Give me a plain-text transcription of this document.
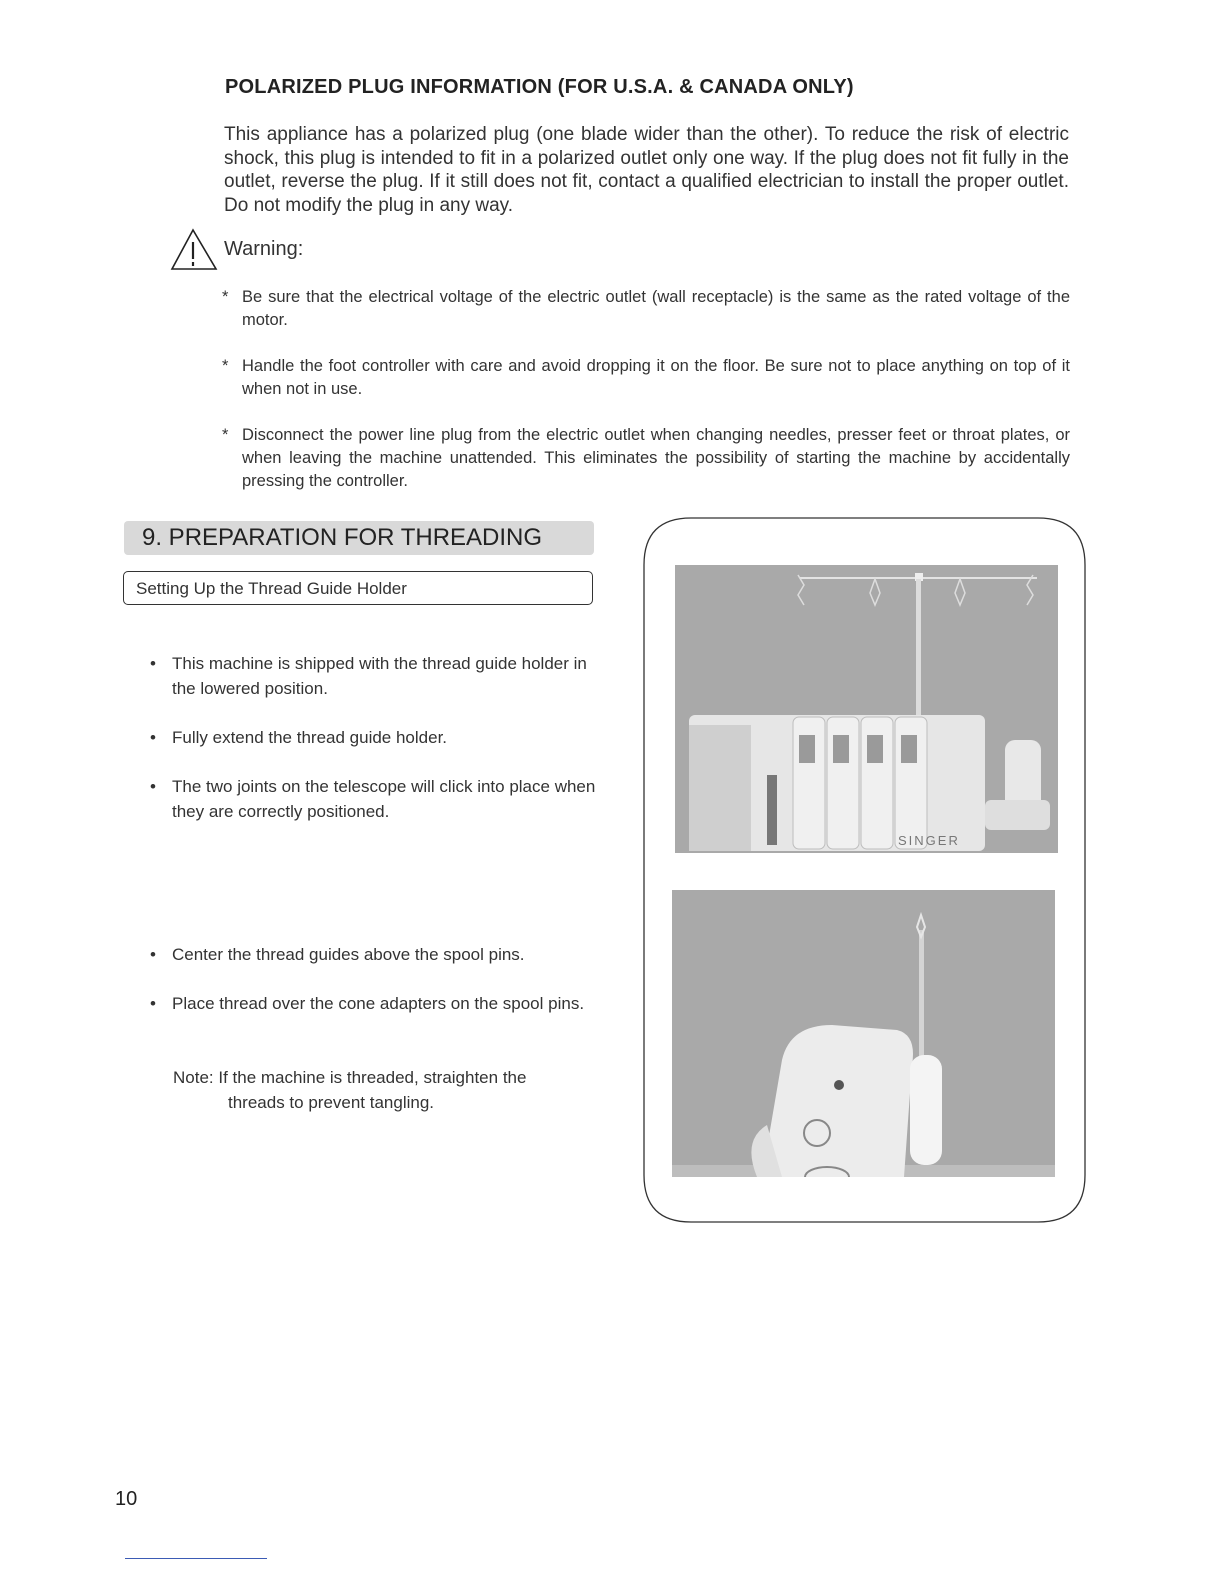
POLARIZED PLUG INFORMATION (FOR U.S.A. & CANADA ONLY)
This appliance has a polarized plug (one blade wider than the other). To reduce the risk of electric shock, this plug is intended to fit in a polarized outlet only one way. If the plug does not fit fully in the outlet, reverse the plug. If it still does not fit, contact a qualified electrician to install the proper outlet. Do not modify the plug in any way.
Warning:
* Be sure that the electrical voltage of the electric outlet (wall receptacle) is the same as the rated voltage of the motor.
* Handle the foot controller with care and avoid dropping it on the floor. Be sure not to place anything on top of it when not in use.
* Disconnect the power line plug from the electric outlet when changing needles, presser feet or throat plates, or when leaving the machine unattended. This eliminates the possibility of starting the machine by accidentally pressing the controller.
9. PREPARATION FOR THREADING
Setting Up the Thread Guide Holder
• This machine is shipped with the thread guide holder in the lowered position.
• Fully extend the thread guide holder.
• The two joints on the telescope will click into place when they are correctly positioned.
• Center the thread guides above the spool pins.
• Place thread over the cone adapters on the spool pins.
Note: If the machine is threaded, straighten the
threads to prevent tangling.
SINGER
10
